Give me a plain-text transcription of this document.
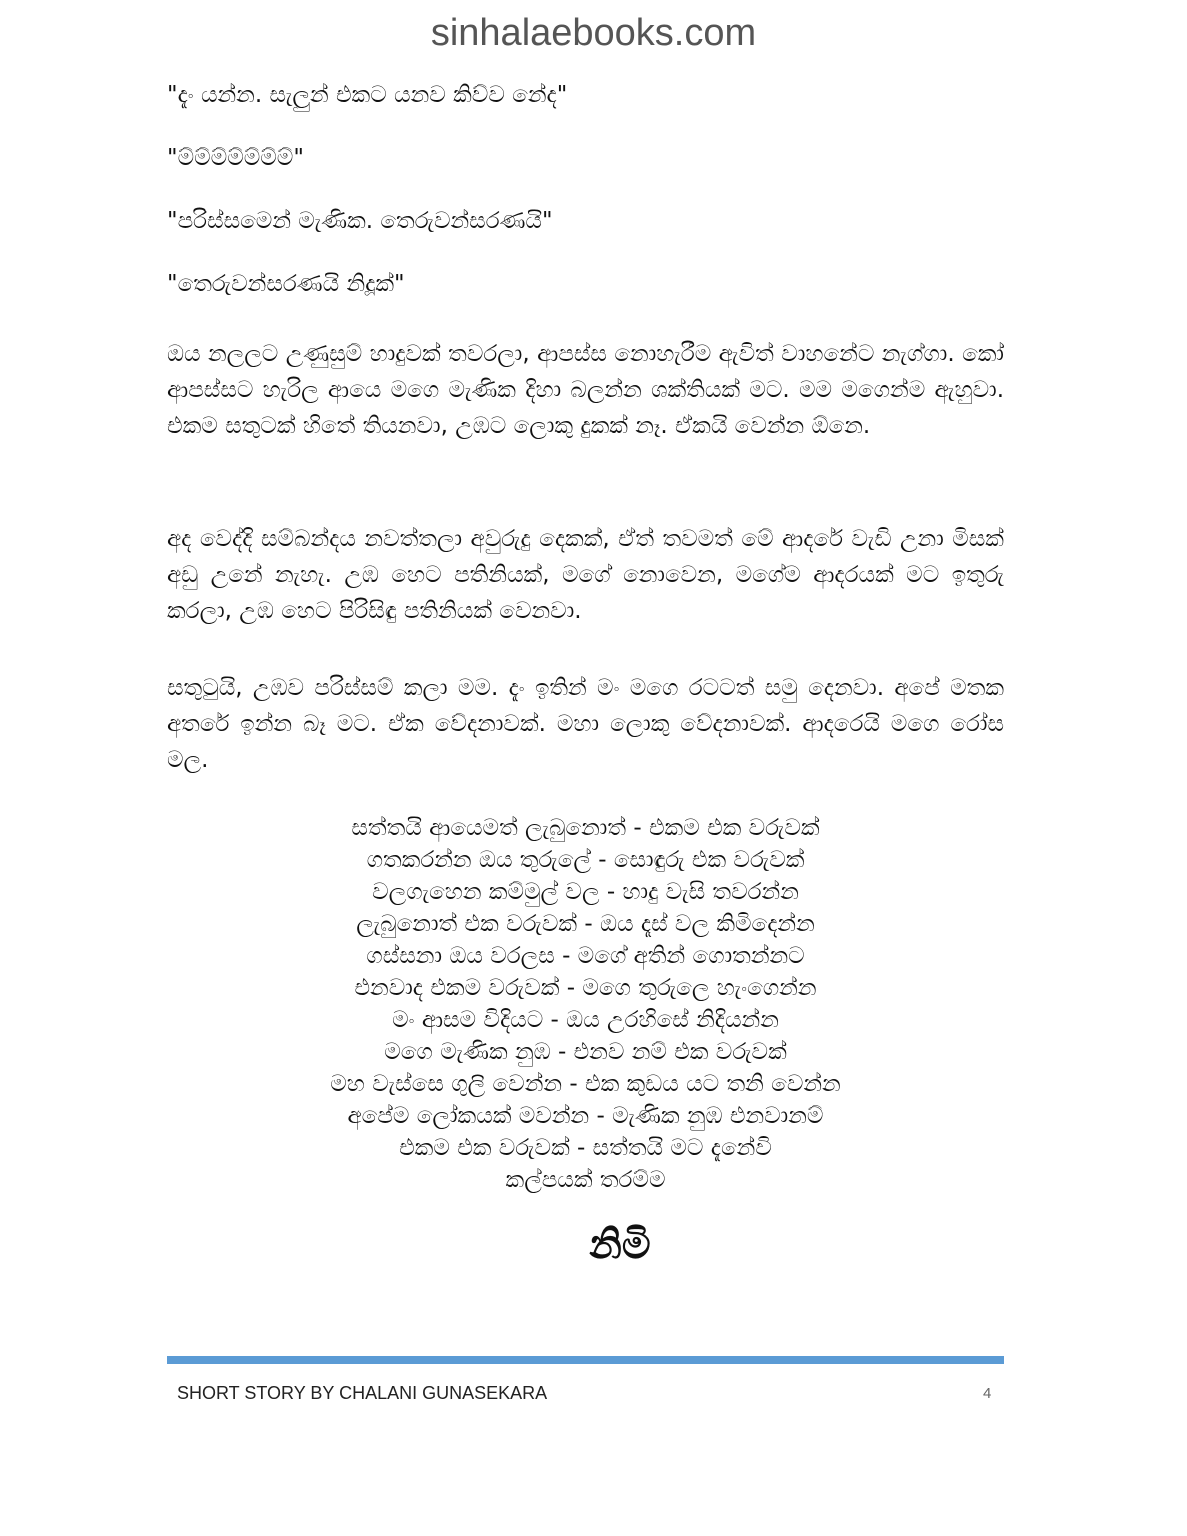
sinhalaebooks.com
"දැං යන්න. සැලුන් එකට යනව කිව්ව නේද"
"ම්ම්ම්ම්ම්ම්ම්"
"පරිස්සමෙන් මැණික. තෙරුවන්සරණයි"
"තෙරුවන්සරණයි නිදූක්"
ඔය නලලට උණුසුම් හාදුවක් තවරලා, ආපස්ස නොහැරීම ඇවිත් වාහනේට නැග්ගා. කෝ ආපස්සට හැරිල ආයෙ මගෙ මැණික දිහා බලන්න ශක්තියක් මට. මම මගෙන්ම ඇහුවා. එකම සතුටක් හිතේ තියනවා, උඹට ලොකු දුකක් නෑ. ඒකයි වෙන්න ඕනෙ.
අද වෙද්දි සම්බන්දය නවත්තලා අවුරුදු දෙකක්, ඒත් තවමත් මේ ආදරේ වැඩි උනා මිසක් අඩු උනේ නැහැ. උඹ හෙට පතිනියක්, මගේ නොවෙන, මගේම ආදරයක් මට ඉතුරු කරලා, උඹ හෙට පිරිසිඳු පතිනියක් වෙනවා.
සතුටුයි, උඹව පරිස්සම් කලා මම. දැං ඉතින් මං මගෙ රටටත් සමු දෙනවා. අපේ මතක අතරේ ඉන්න බෑ මට. ඒක වේදනාවක්. මහා ලොකු වේදනාවක්. ආදරෙයි මගෙ රෝස මල.
සත්තයි ආයෙමත් ලැබුනොත් - එකම එක වරුවක්
ගතකරන්න ඔය තුරුලේ - සොඳුරු එක වරුවක්
වලගැහෙන කම්මුල් වල - හාදු වැසි තවරන්න
ලැබුනොත් එක වරුවක් - ඔය දෑස් වල කිමිදෙන්න
ගස්සනා ඔය වරලස - මගේ අතින් ගොතන්නට
එනවාද එකම වරුවක් - මගෙ තුරුලෙ හැංගෙන්න
මං ආසම විදියට - ඔය උරහිසේ නිදියන්න
මගෙ මැණික නුඹ - එනව නම් එක වරුවක්
මහ වැස්සෙ ගුලි වෙන්න - එක කුඩය යට තනි වෙන්න
අපේම ලෝකයක් මවන්න - මැණික නුඹ එනවානම්
එකම එක වරුවක් - සත්තයි මට දැනේවි
කල්පයක් තරම්ම
නිමි
SHORT STORY BY CHALANI GUNASEKARA	4
